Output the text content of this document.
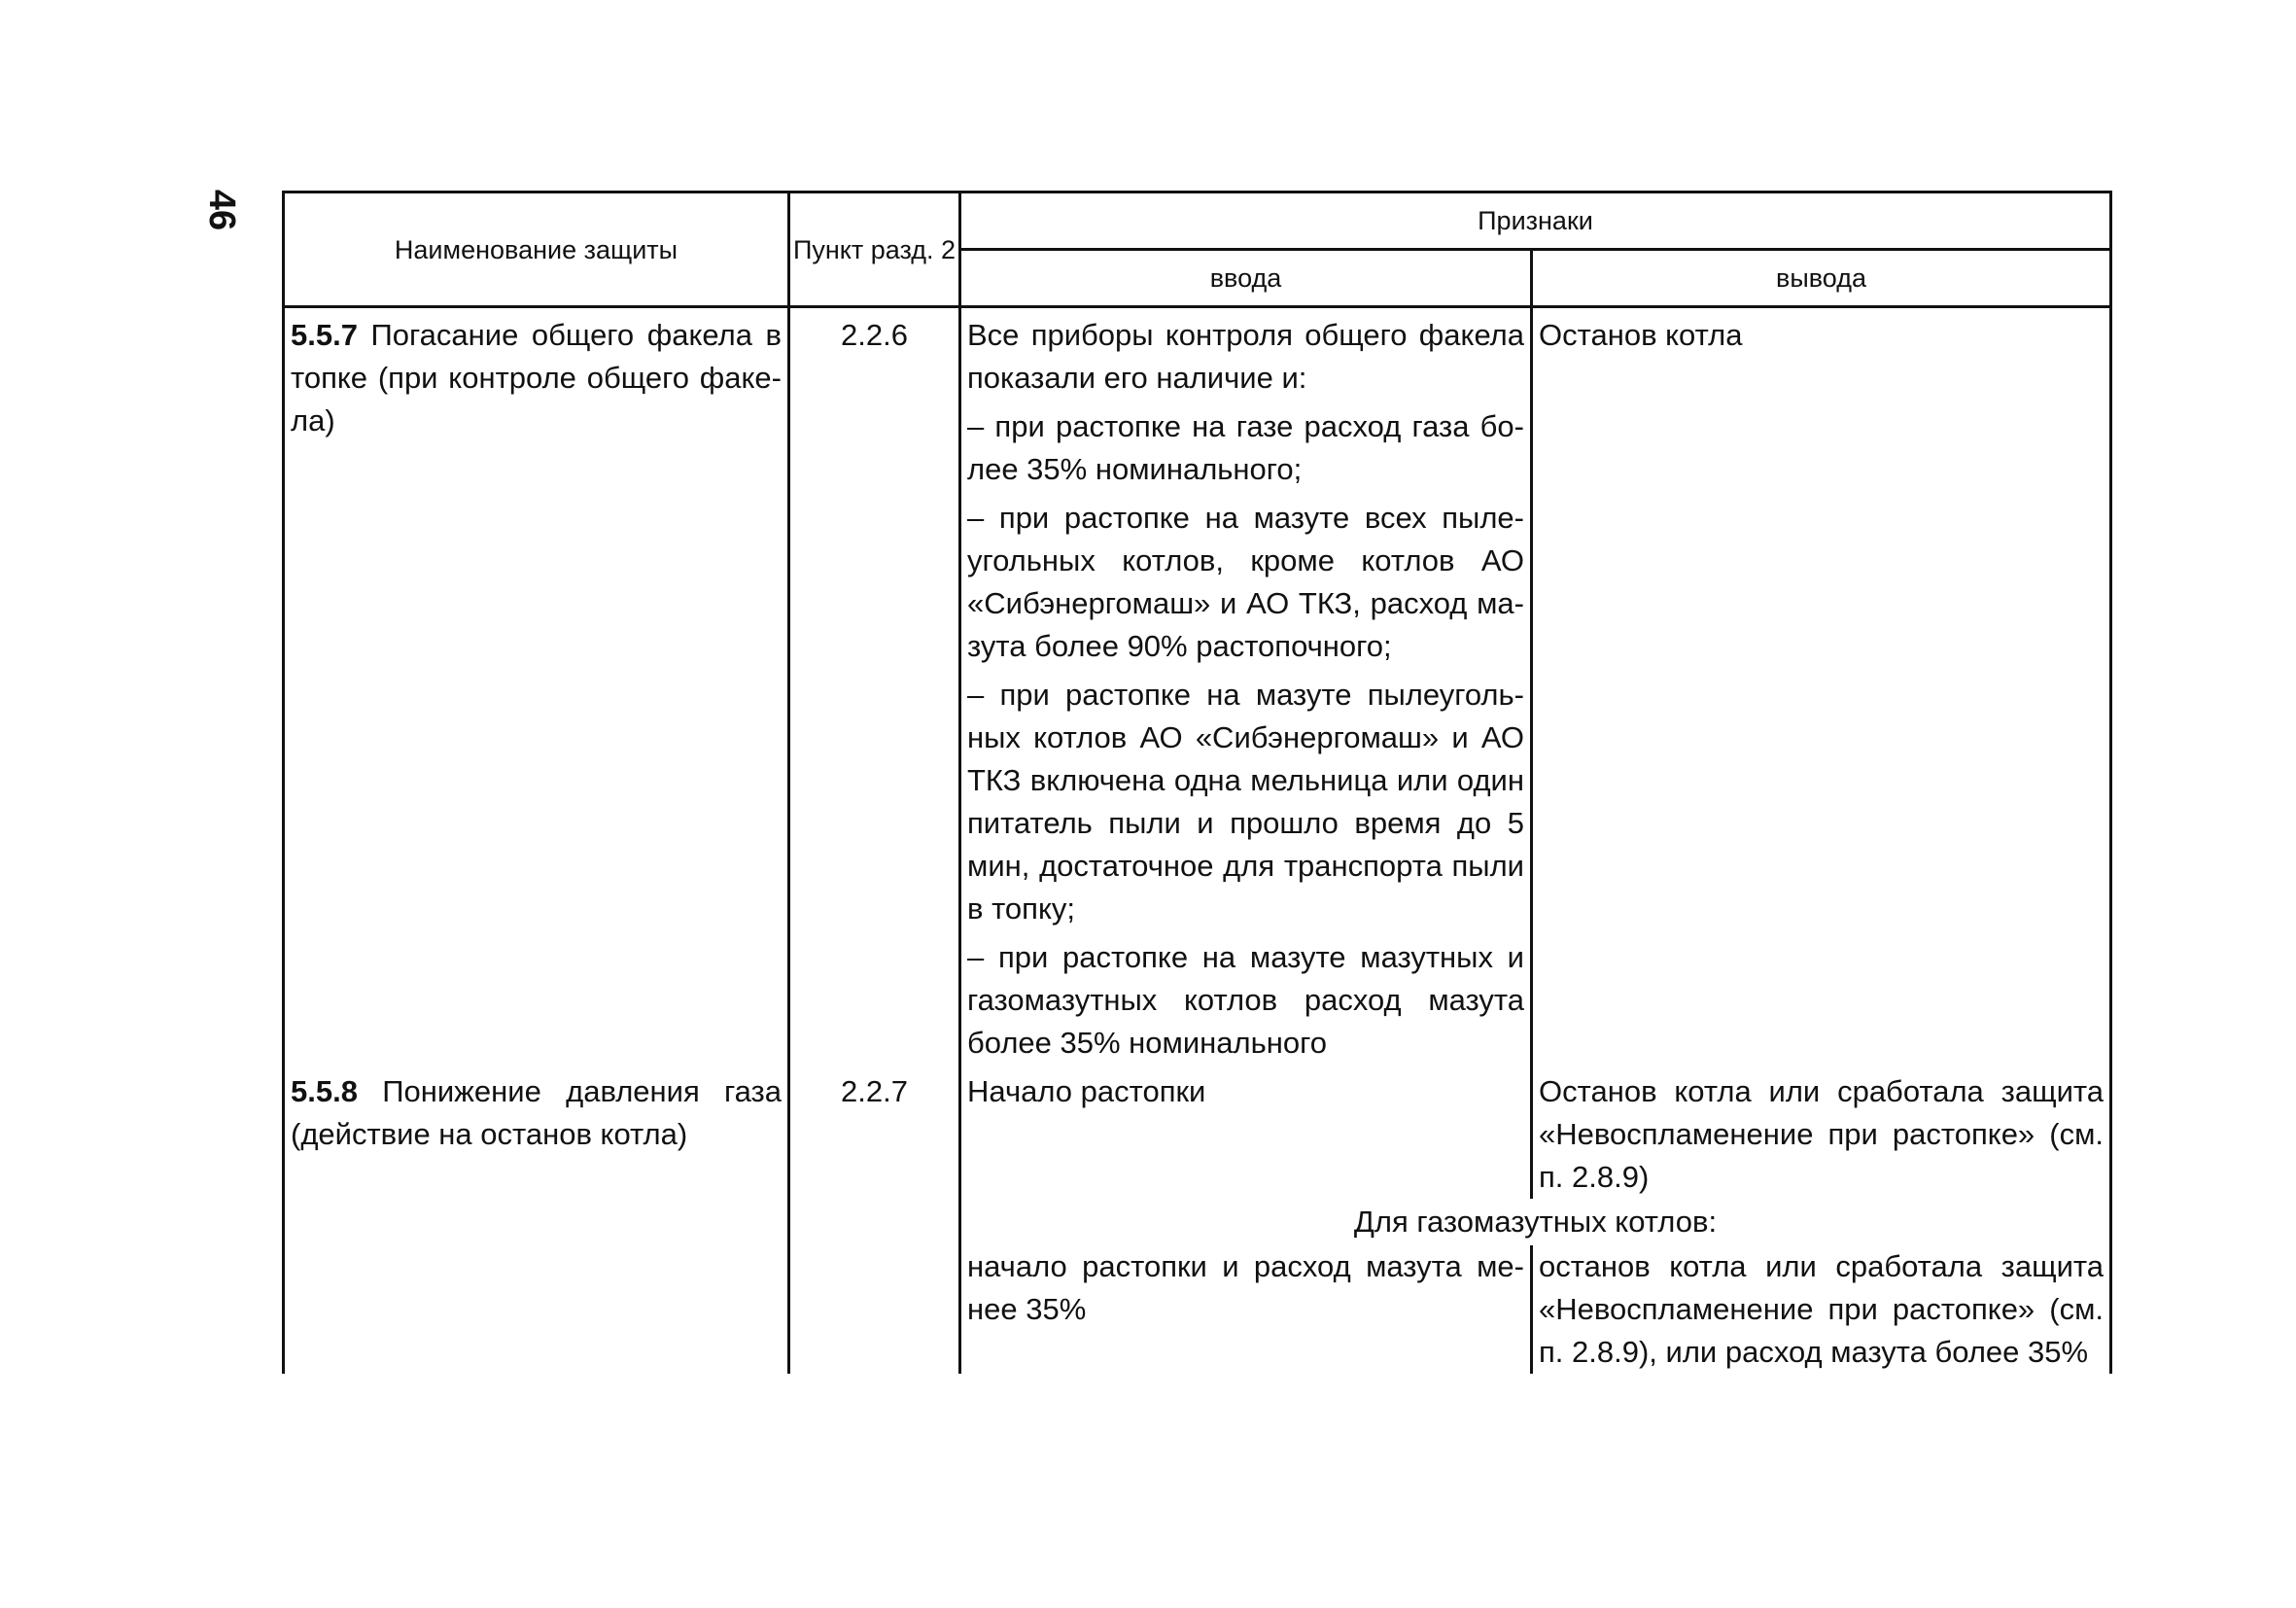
46
Наименование защиты	Пункт разд. 2	Признаки	
		ввода	вывода
5.5.7 Погасание общего факела в топке (при контроле общего факе-ла)	2.2.6	Все приборы контроля общего факела показали его наличие и:
– при растопке на газе расход газа бо-лее 35% номинального;
– при растопке на мазуте всех пыле-угольных котлов, кроме котлов АО «Сибэнергомаш» и АО ТКЗ, расход ма-зута более 90% растопочного;
– при растопке на мазуте пылеуголь-ных котлов АО «Сибэнергомаш» и АО ТКЗ включена одна мельница или один питатель пыли и прошло время до 5 мин, достаточное для транспорта пыли в топку;
– при растопке на мазуте мазутных и газомазутных котлов расход мазута более 35% номинального	Останов котла
5.5.8 Понижение давления газа (действие на останов котла)	2.2.7	Начало растопки	Останов котла или сработала защита «Невоспламенение при растопке» (см. п. 2.8.9)
		Для газомазутных котлов:	
		начало растопки и расход мазута ме-нее 35%	останов котла или сработала защита «Невоспламенение при растопке» (см. п. 2.8.9), или расход мазута более 35%
